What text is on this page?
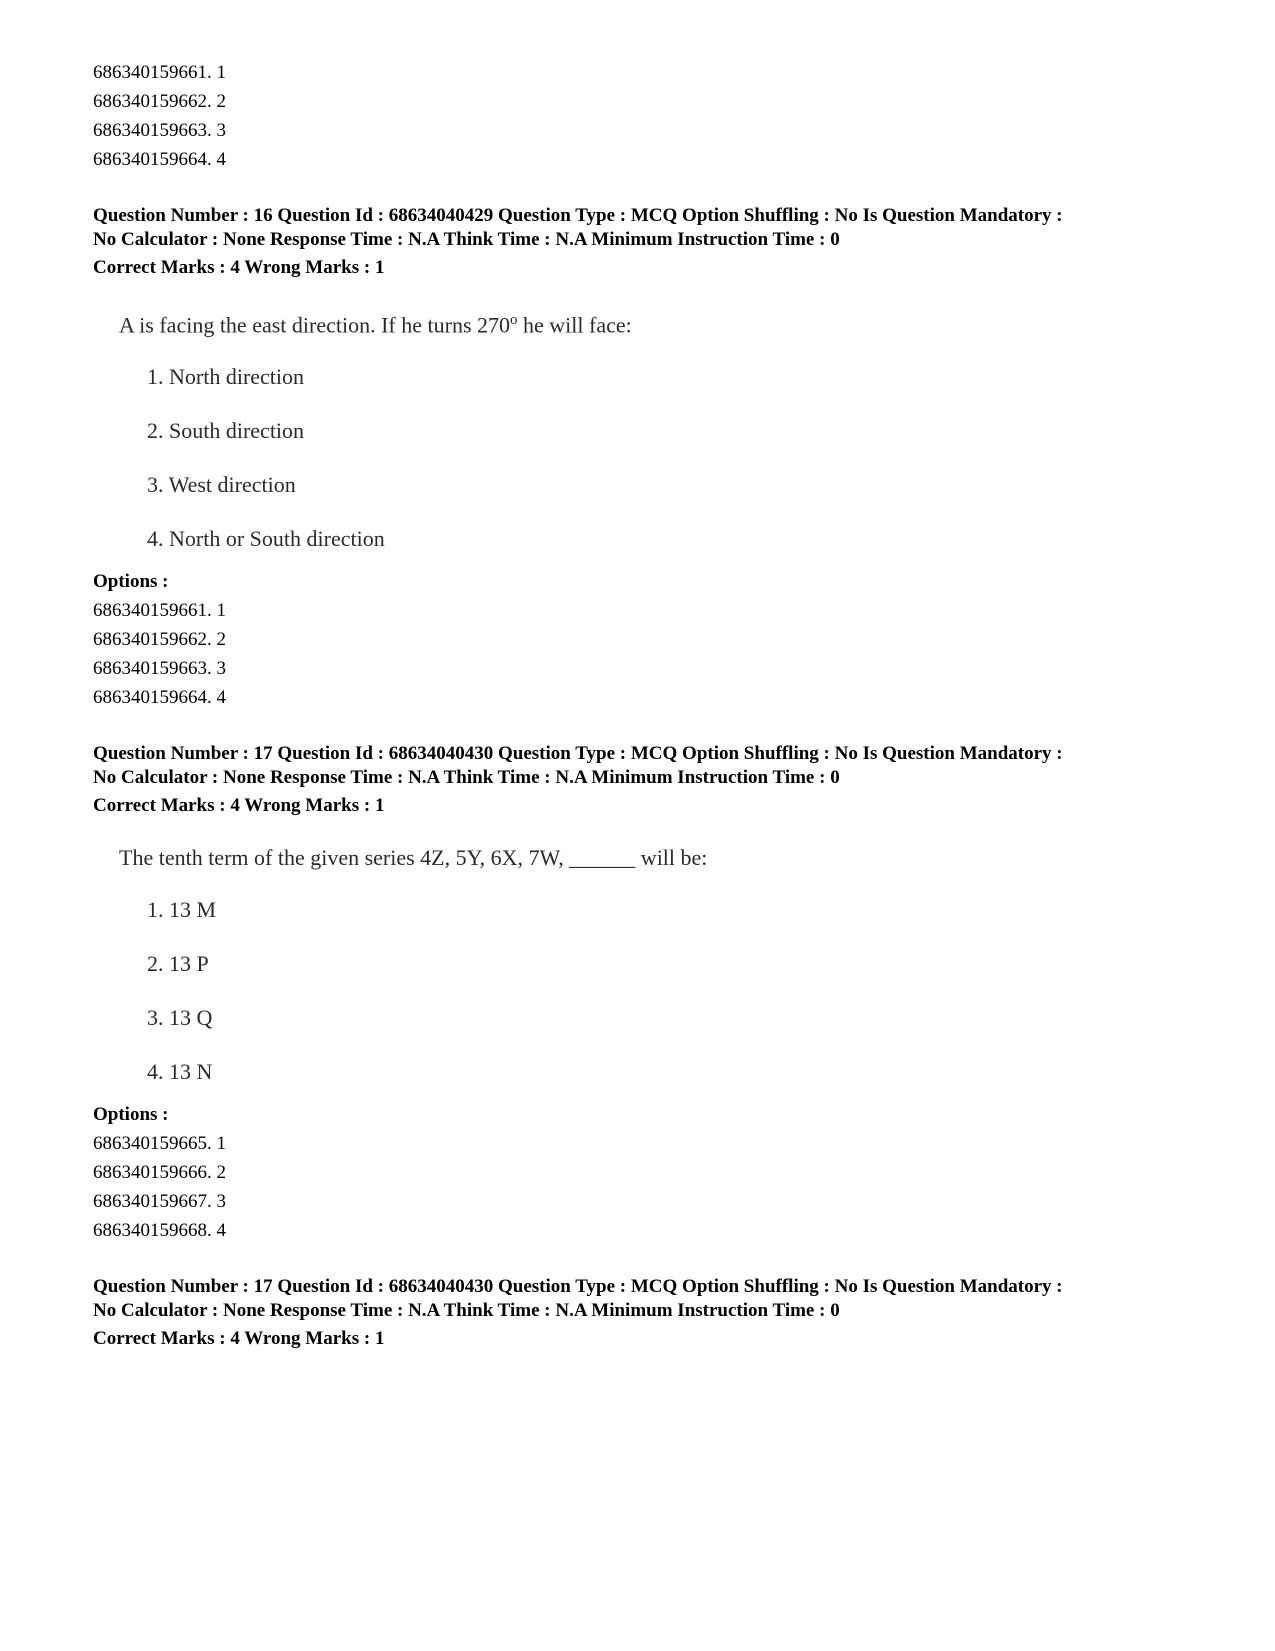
686340159661. 1

686340159662. 2

686340159663. 3

686340159664. 4

Question Number : 16 Question Id : 68634040429 Question Type : MCQ Option Shuffling : No Is Question Mandatory :

No Calculator : None Response Time : N.A Think Time : N.A Minimum Instruction Time : 0

Correct Marks : 4 Wrong Marks : 1

A is facing the east direction. If he turns 270$^o$ he will face:

1. North direction

2. South direction

3. West direction

4. North or South direction

Options :

686340159661. 1

686340159662. 2

686340159663. 3

686340159664. 4

Question Number : 17 Question Id : 68634040430 Question Type : MCQ Option Shuffling : No Is Question Mandatory :

No Calculator : None Response Time : N.A Think Time : N.A Minimum Instruction Time : 0

Correct Marks : 4 Wrong Marks : 1

The tenth term of the given series 4Z, 5Y, 6X, 7W, ______ will be:

1. 13 M

2. 13 P

3. 13 Q

4. 13 N

Options :

686340159665. 1

686340159666. 2

686340159667. 3

686340159668. 4

Question Number : 17 Question Id : 68634040430 Question Type : MCQ Option Shuffling : No Is Question Mandatory :

No Calculator : None Response Time : N.A Think Time : N.A Minimum Instruction Time : 0

Correct Marks : 4 Wrong Marks : 1
